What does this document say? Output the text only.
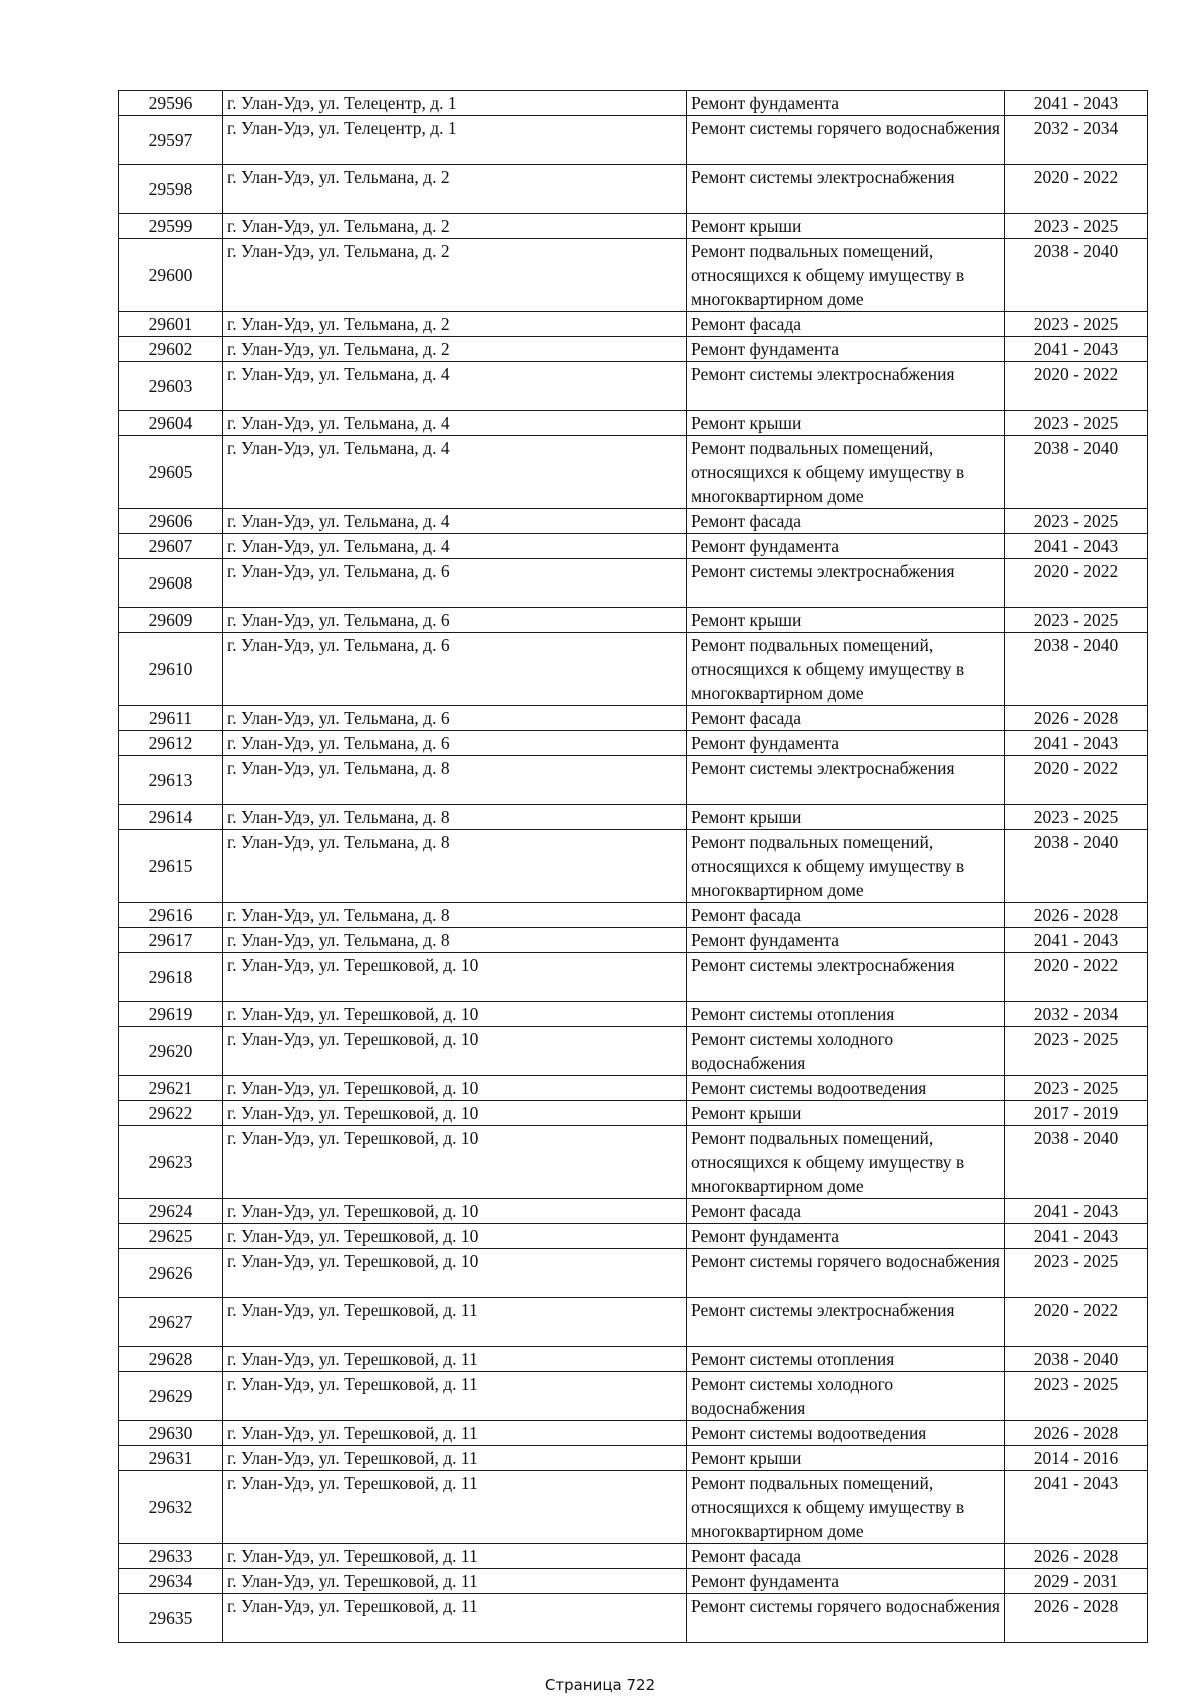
29596	г. Улан-Удэ, ул. Телецентр, д. 1	Ремонт фундамента	2041 - 2043
29597	г. Улан-Удэ, ул. Телецентр, д. 1	Ремонт системы горячего водоснабжения	2032 - 2034
29598	г. Улан-Удэ, ул. Тельмана, д. 2	Ремонт системы электроснабжения	2020 - 2022
29599	г. Улан-Удэ, ул. Тельмана, д. 2	Ремонт крыши	2023 - 2025
29600	г. Улан-Удэ, ул. Тельмана, д. 2	Ремонт подвальных помещений, относящихся к общему имуществу в многоквартирном доме	2038 - 2040
29601	г. Улан-Удэ, ул. Тельмана, д. 2	Ремонт фасада	2023 - 2025
29602	г. Улан-Удэ, ул. Тельмана, д. 2	Ремонт фундамента	2041 - 2043
29603	г. Улан-Удэ, ул. Тельмана, д. 4	Ремонт системы электроснабжения	2020 - 2022
29604	г. Улан-Удэ, ул. Тельмана, д. 4	Ремонт крыши	2023 - 2025
29605	г. Улан-Удэ, ул. Тельмана, д. 4	Ремонт подвальных помещений, относящихся к общему имуществу в многоквартирном доме	2038 - 2040
29606	г. Улан-Удэ, ул. Тельмана, д. 4	Ремонт фасада	2023 - 2025
29607	г. Улан-Удэ, ул. Тельмана, д. 4	Ремонт фундамента	2041 - 2043
29608	г. Улан-Удэ, ул. Тельмана, д. 6	Ремонт системы электроснабжения	2020 - 2022
29609	г. Улан-Удэ, ул. Тельмана, д. 6	Ремонт крыши	2023 - 2025
29610	г. Улан-Удэ, ул. Тельмана, д. 6	Ремонт подвальных помещений, относящихся к общему имуществу в многоквартирном доме	2038 - 2040
29611	г. Улан-Удэ, ул. Тельмана, д. 6	Ремонт фасада	2026 - 2028
29612	г. Улан-Удэ, ул. Тельмана, д. 6	Ремонт фундамента	2041 - 2043
29613	г. Улан-Удэ, ул. Тельмана, д. 8	Ремонт системы электроснабжения	2020 - 2022
29614	г. Улан-Удэ, ул. Тельмана, д. 8	Ремонт крыши	2023 - 2025
29615	г. Улан-Удэ, ул. Тельмана, д. 8	Ремонт подвальных помещений, относящихся к общему имуществу в многоквартирном доме	2038 - 2040
29616	г. Улан-Удэ, ул. Тельмана, д. 8	Ремонт фасада	2026 - 2028
29617	г. Улан-Удэ, ул. Тельмана, д. 8	Ремонт фундамента	2041 - 2043
29618	г. Улан-Удэ, ул. Терешковой, д. 10	Ремонт системы электроснабжения	2020 - 2022
29619	г. Улан-Удэ, ул. Терешковой, д. 10	Ремонт системы отопления	2032 - 2034
29620	г. Улан-Удэ, ул. Терешковой, д. 10	Ремонт системы холодного водоснабжения	2023 - 2025
29621	г. Улан-Удэ, ул. Терешковой, д. 10	Ремонт системы водоотведения	2023 - 2025
29622	г. Улан-Удэ, ул. Терешковой, д. 10	Ремонт крыши	2017 - 2019
29623	г. Улан-Удэ, ул. Терешковой, д. 10	Ремонт подвальных помещений, относящихся к общему имуществу в многоквартирном доме	2038 - 2040
29624	г. Улан-Удэ, ул. Терешковой, д. 10	Ремонт фасада	2041 - 2043
29625	г. Улан-Удэ, ул. Терешковой, д. 10	Ремонт фундамента	2041 - 2043
29626	г. Улан-Удэ, ул. Терешковой, д. 10	Ремонт системы горячего водоснабжения	2023 - 2025
29627	г. Улан-Удэ, ул. Терешковой, д. 11	Ремонт системы электроснабжения	2020 - 2022
29628	г. Улан-Удэ, ул. Терешковой, д. 11	Ремонт системы отопления	2038 - 2040
29629	г. Улан-Удэ, ул. Терешковой, д. 11	Ремонт системы холодного водоснабжения	2023 - 2025
29630	г. Улан-Удэ, ул. Терешковой, д. 11	Ремонт системы водоотведения	2026 - 2028
29631	г. Улан-Удэ, ул. Терешковой, д. 11	Ремонт крыши	2014 - 2016
29632	г. Улан-Удэ, ул. Терешковой, д. 11	Ремонт подвальных помещений, относящихся к общему имуществу в многоквартирном доме	2041 - 2043
29633	г. Улан-Удэ, ул. Терешковой, д. 11	Ремонт фасада	2026 - 2028
29634	г. Улан-Удэ, ул. Терешковой, д. 11	Ремонт фундамента	2029 - 2031
29635	г. Улан-Удэ, ул. Терешковой, д. 11	Ремонт системы горячего водоснабжения	2026 - 2028
Страница 722
